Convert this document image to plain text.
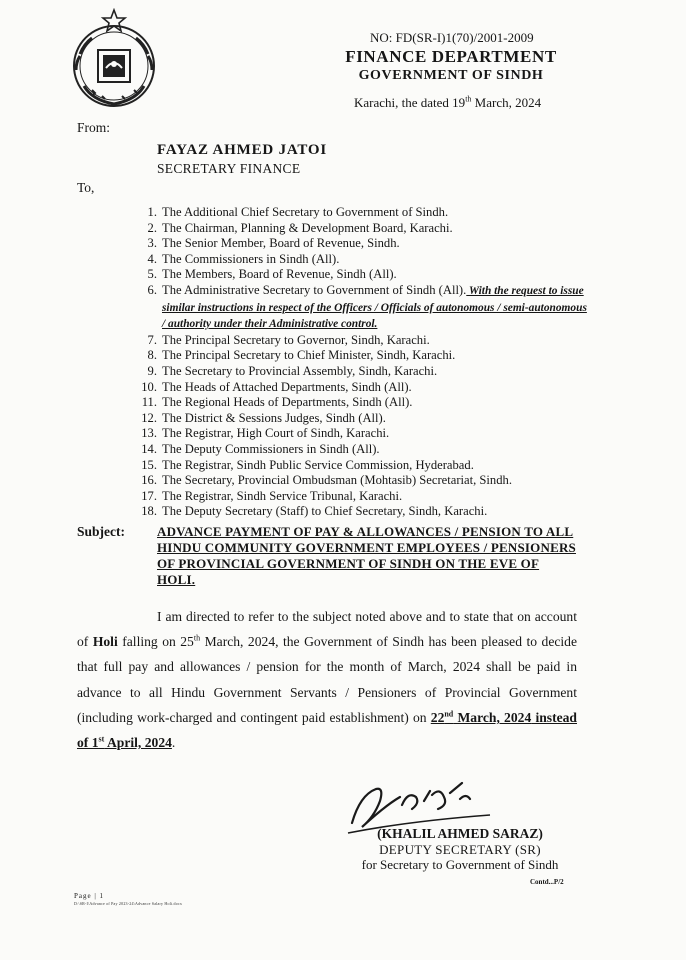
NO: FD(SR-I)1(70)/2001-2009
FINANCE DEPARTMENT
GOVERNMENT OF SINDH
Karachi, the dated 19th March, 2024
From:
FAYAZ AHMED JATOI
SECRETARY FINANCE
To,
1. The Additional Chief Secretary to Government of Sindh.
2. The Chairman, Planning & Development Board, Karachi.
3. The Senior Member, Board of Revenue, Sindh.
4. The Commissioners in Sindh (All).
5. The Members, Board of Revenue, Sindh (All).
6. The Administrative Secretary to Government of Sindh (All). With the request to issue similar instructions in respect of the Officers / Officials of autonomous / semi-autonomous / authority under their Administrative control.
7. The Principal Secretary to Governor, Sindh, Karachi.
8. The Principal Secretary to Chief Minister, Sindh, Karachi.
9. The Secretary to Provincial Assembly, Sindh, Karachi.
10. The Heads of Attached Departments, Sindh (All).
11. The Regional Heads of Departments, Sindh (All).
12. The District & Sessions Judges, Sindh (All).
13. The Registrar, High Court of Sindh, Karachi.
14. The Deputy Commissioners in Sindh (All).
15. The Registrar, Sindh Public Service Commission, Hyderabad.
16. The Secretary, Provincial Ombudsman (Mohtasib) Secretariat, Sindh.
17. The Registrar, Sindh Service Tribunal, Karachi.
18. The Deputy Secretary (Staff) to Chief Secretary, Sindh, Karachi.
Subject: ADVANCE PAYMENT OF PAY & ALLOWANCES / PENSION TO ALL HINDU COMMUNITY GOVERNMENT EMPLOYEES / PENSIONERS OF PROVINCIAL GOVERNMENT OF SINDH ON THE EVE OF HOLI.
I am directed to refer to the subject noted above and to state that on account of Holi falling on 25th March, 2024, the Government of Sindh has been pleased to decide that full pay and allowances / pension for the month of March, 2024 shall be paid in advance to all Hindu Government Servants / Pensioners of Provincial Government (including work-charged and contingent paid establishment) on 22nd March, 2024 instead of 1st April, 2024.
(KHALIL AHMED SARAZ)
DEPUTY SECRETARY (SR)
for Secretary to Government of Sindh
Contd...P/2
Page | 1
D:\SR-I\Advance of Pay 2023-24\Advance Salary Holi.docx
